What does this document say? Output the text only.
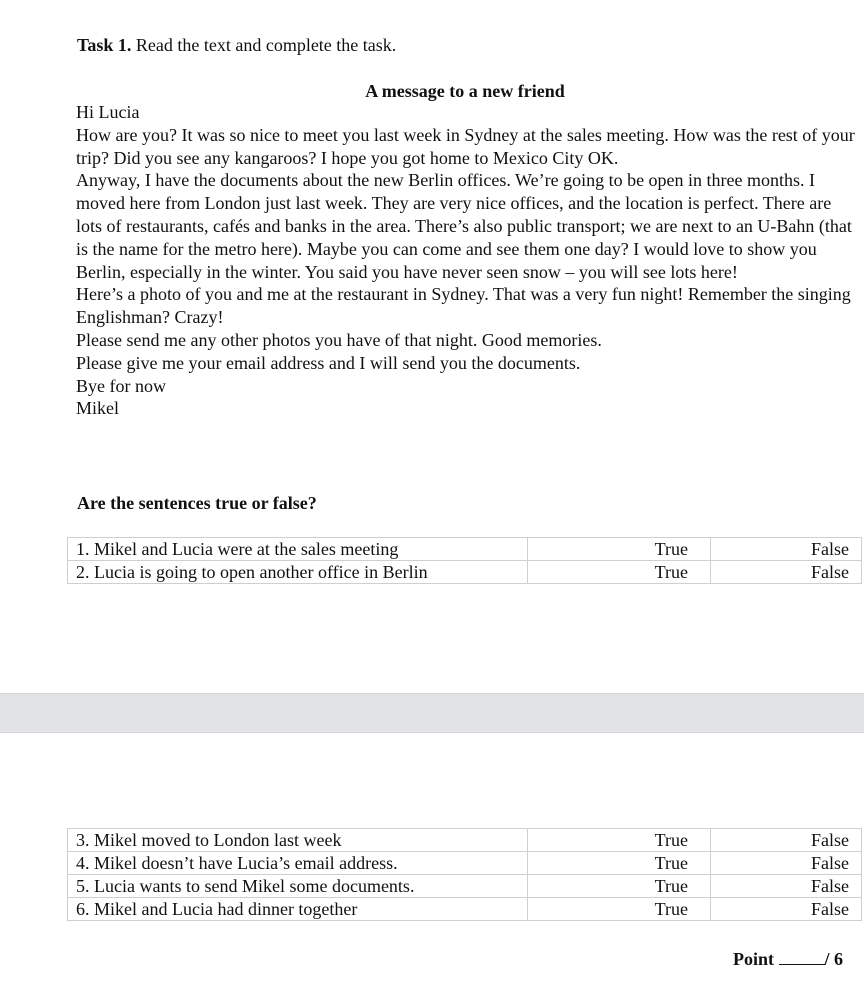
Task 1. Read the text and complete the task.
A message to a new friend

Hi Lucia

How are you? It was so nice to meet you last week in Sydney at the sales meeting. How was the rest of your trip? Did you see any kangaroos? I hope you got home to Mexico City OK.

Anyway, I have the documents about the new Berlin offices. We’re going to be open in three months. I moved here from London just last week. They are very nice offices, and the location is perfect. There are lots of restaurants, cafés and banks in the area. There’s also public transport; we are next to an U-Bahn (that is the name for the metro here). Maybe you can come and see them one day? I would love to show you Berlin, especially in the winter. You said you have never seen snow – you will see lots here!

Here’s a photo of you and me at the restaurant in Sydney. That was a very fun night! Remember the singing Englishman? Crazy!

Please send me any other photos you have of that night. Good memories.

Please give me your email address and I will send you the documents.

Bye for now

Mikel

Are the sentences true or false?
1. Mikel and Lucia were at the sales meeting	True	False
2. Lucia is going to open another office in Berlin	True	False
3. Mikel moved to London last week	True	False
4. Mikel doesn’t have Lucia’s email address.	True	False
5. Lucia wants to send Mikel some documents.	True	False
6. Mikel and Lucia had dinner together	True	False
Point	/ 6
